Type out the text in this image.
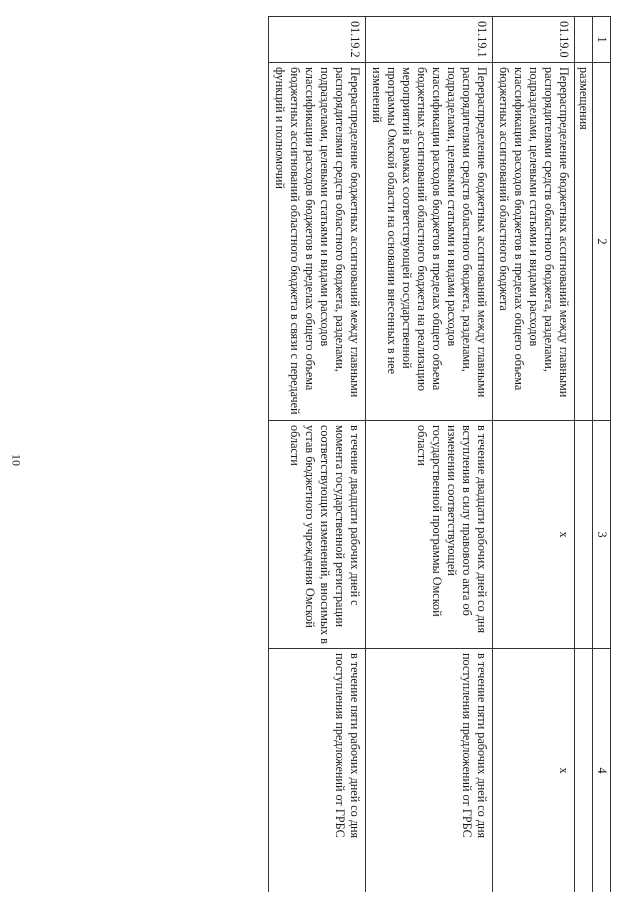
10
1	2	3	4
	размещения		
01.19.0	Перераспределение бюджетных ассигнований между главными распорядителями средств областного бюджета, разделами, подразделами, целевыми статьями и видами расходов классификации расходов бюджетов в пределах общего объема бюджетных ассигнований областного бюджета	x	x
01.19.1	Перераспределение бюджетных ассигнований между главными распорядителями средств областного бюджета, разделами, подразделами, целевыми статьями и видами расходов классификации расходов бюджетов в пределах общего объема бюджетных ассигнований областного бюджета на реализацию мероприятий в рамках соответствующей государственной программы Омской области на основании внесенных в нее изменений	в течение двадцати рабочих дней со дня вступления в силу правового акта об изменении соответствующей государственной программы Омской области	в течение пяти рабочих дней со дня поступления предложений от ГРБС
01.19.2	Перераспределение бюджетных ассигнований между главными распорядителями средств областного бюджета, разделами, подразделами, целевыми статьями и видами расходов классификации расходов бюджетов в пределах общего объема бюджетных ассигнований областного бюджета в связи с передачей функций и полномочий	в течение двадцати рабочих дней с момента государственной регистрации соответствующих изменений, вносимых в устав бюджетного учреждения Омской области	в течение пяти рабочих дней со дня поступления предложений от ГРБС
